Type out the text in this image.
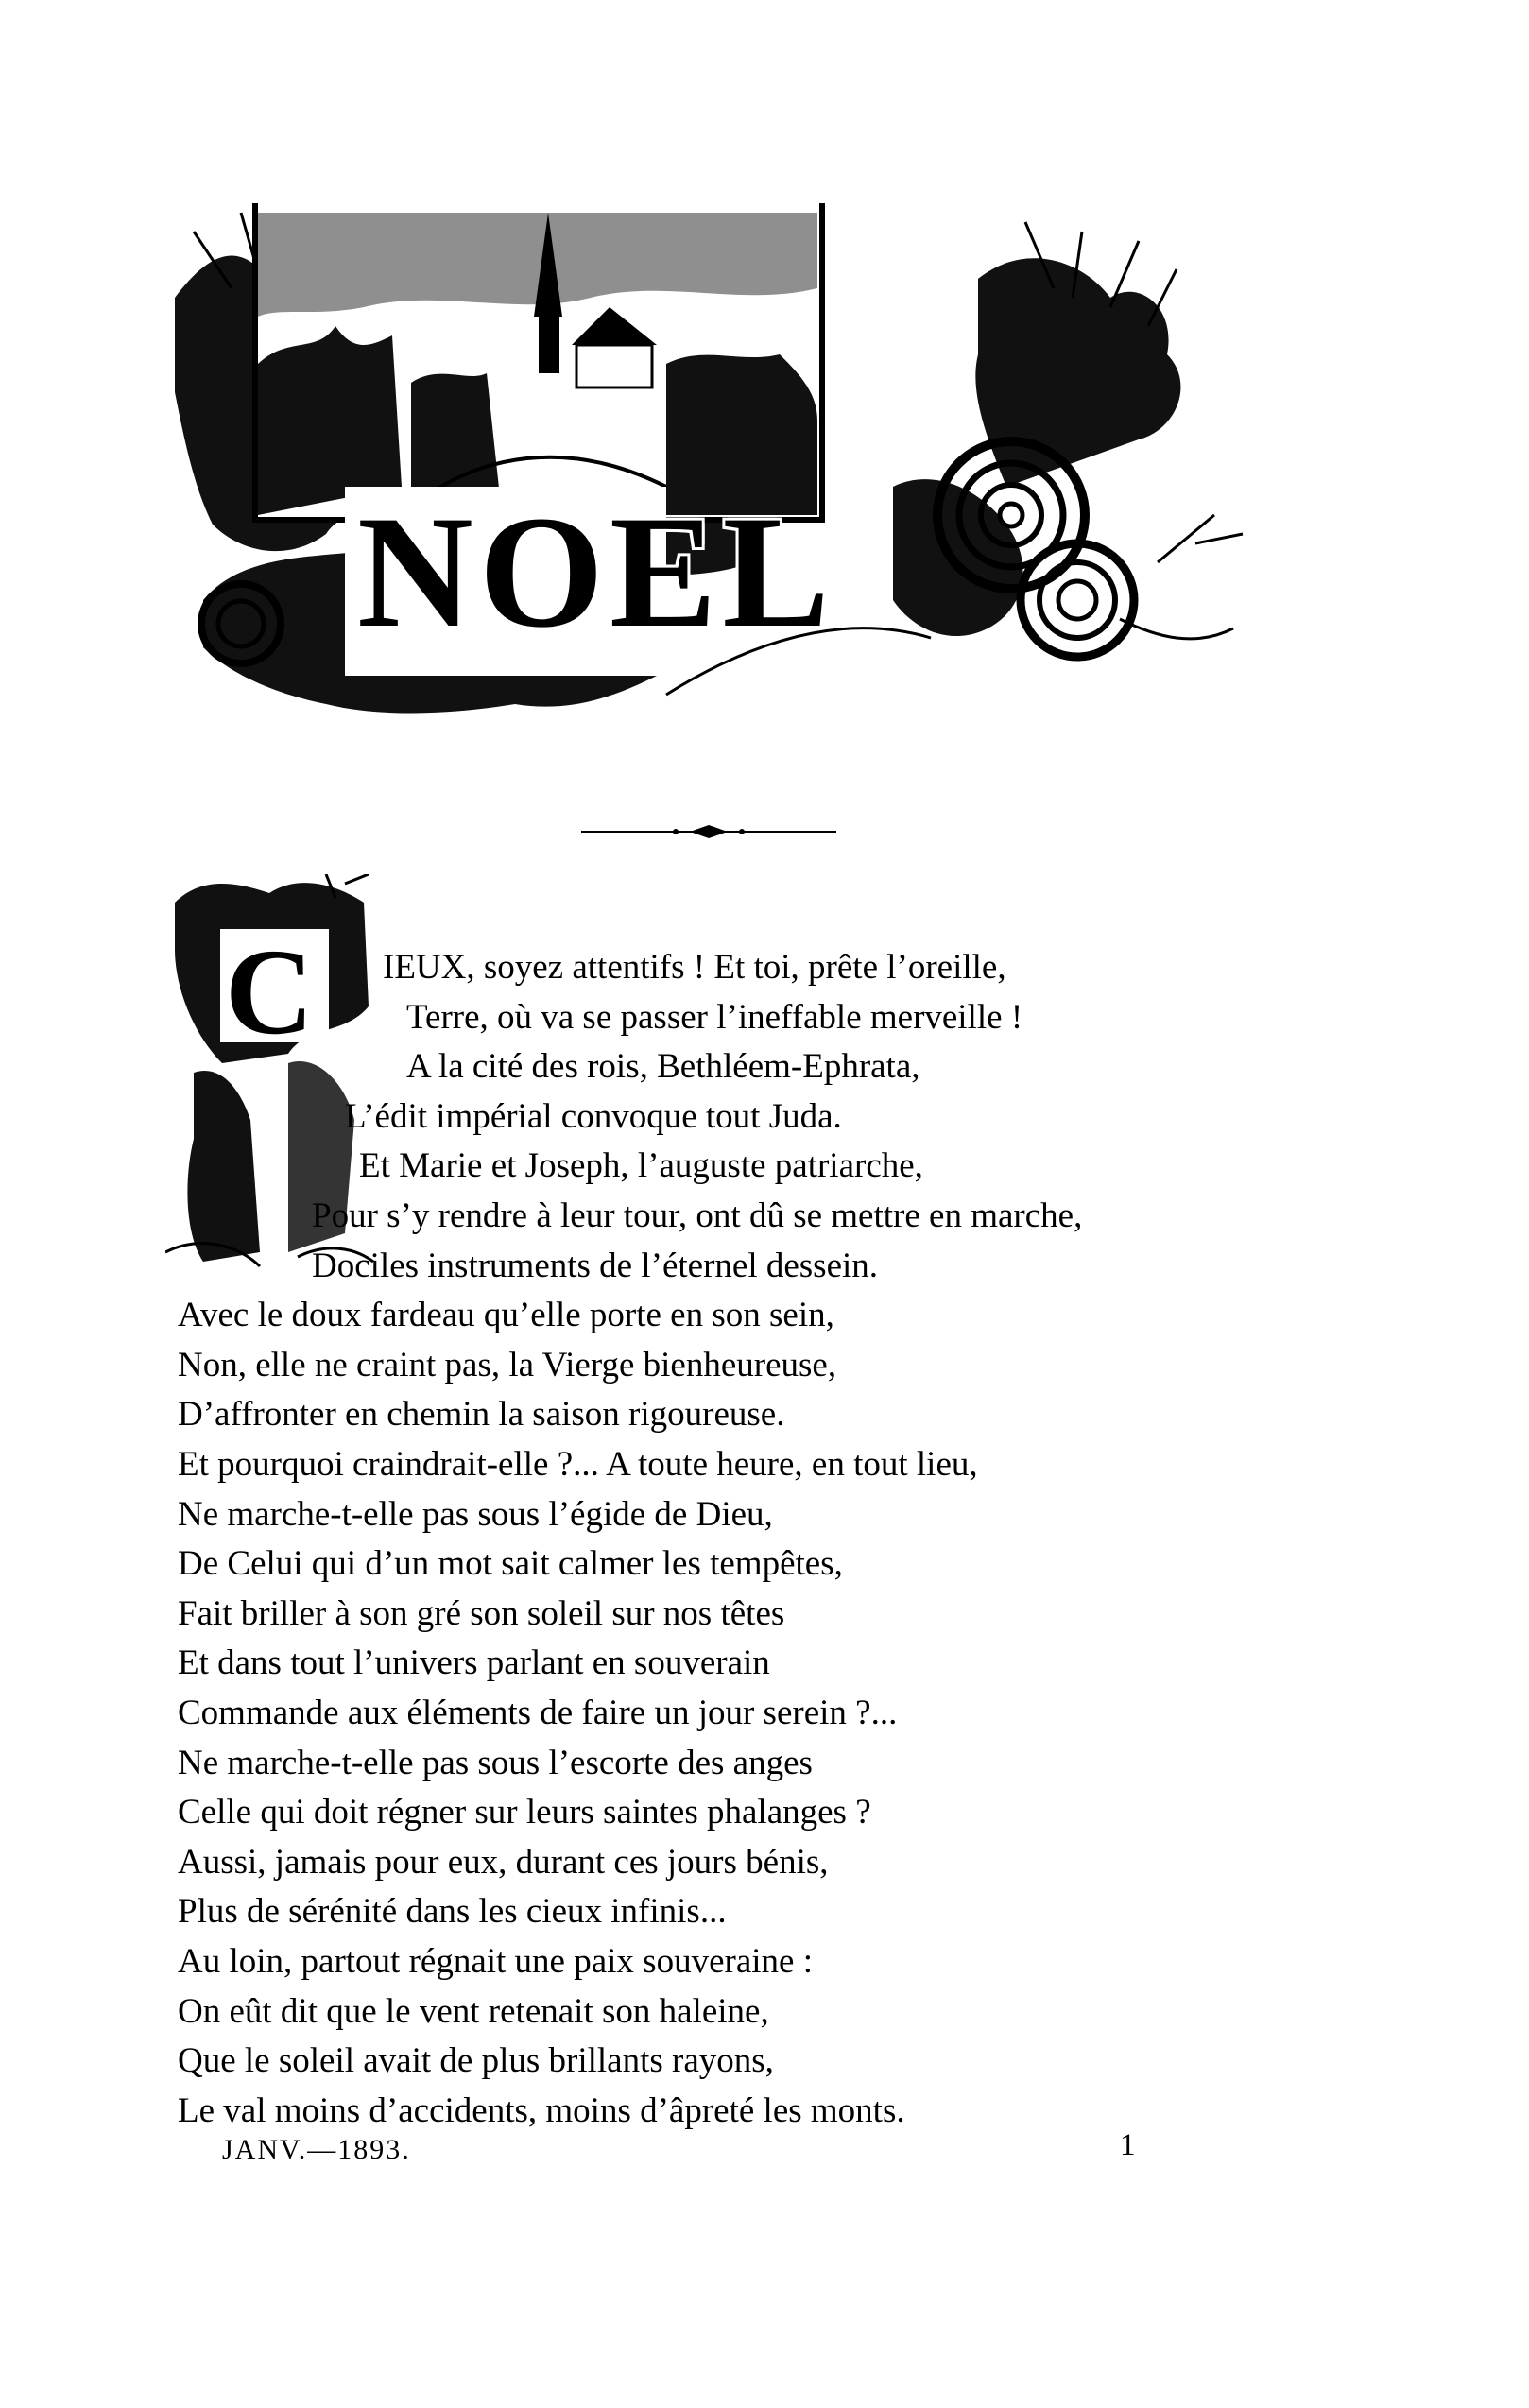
NOEL
C IEUX, soyez attentifs ! Et toi, prête l’oreille,
Terre, où va se passer l’ineffable merveille !
A la cité des rois, Bethléem-Ephrata,
L’édit impérial convoque tout Juda.
Et Marie et Joseph, l’auguste patriarche,
Pour s’y rendre à leur tour, ont dû se mettre en marche,
Dociles instruments de l’éternel dessein.
Avec le doux fardeau qu’elle porte en son sein,
Non, elle ne craint pas, la Vierge bienheureuse,
D’affronter en chemin la saison rigoureuse.
Et pourquoi craindrait-elle ?... A toute heure, en tout lieu,
Ne marche-t-elle pas sous l’égide de Dieu,
De Celui qui d’un mot sait calmer les tempêtes,
Fait briller à son gré son soleil sur nos têtes
Et dans tout l’univers parlant en souverain
Commande aux éléments de faire un jour serein ?...
Ne marche-t-elle pas sous l’escorte des anges
Celle qui doit régner sur leurs saintes phalanges ?
Aussi, jamais pour eux, durant ces jours bénis,
Plus de sérénité dans les cieux infinis...
Au loin, partout régnait une paix souveraine :
On eût dit que le vent retenait son haleine,
Que le soleil avait de plus brillants rayons,
Le val moins d’accidents, moins d’âpreté les monts.
JANV.—1893.	1
